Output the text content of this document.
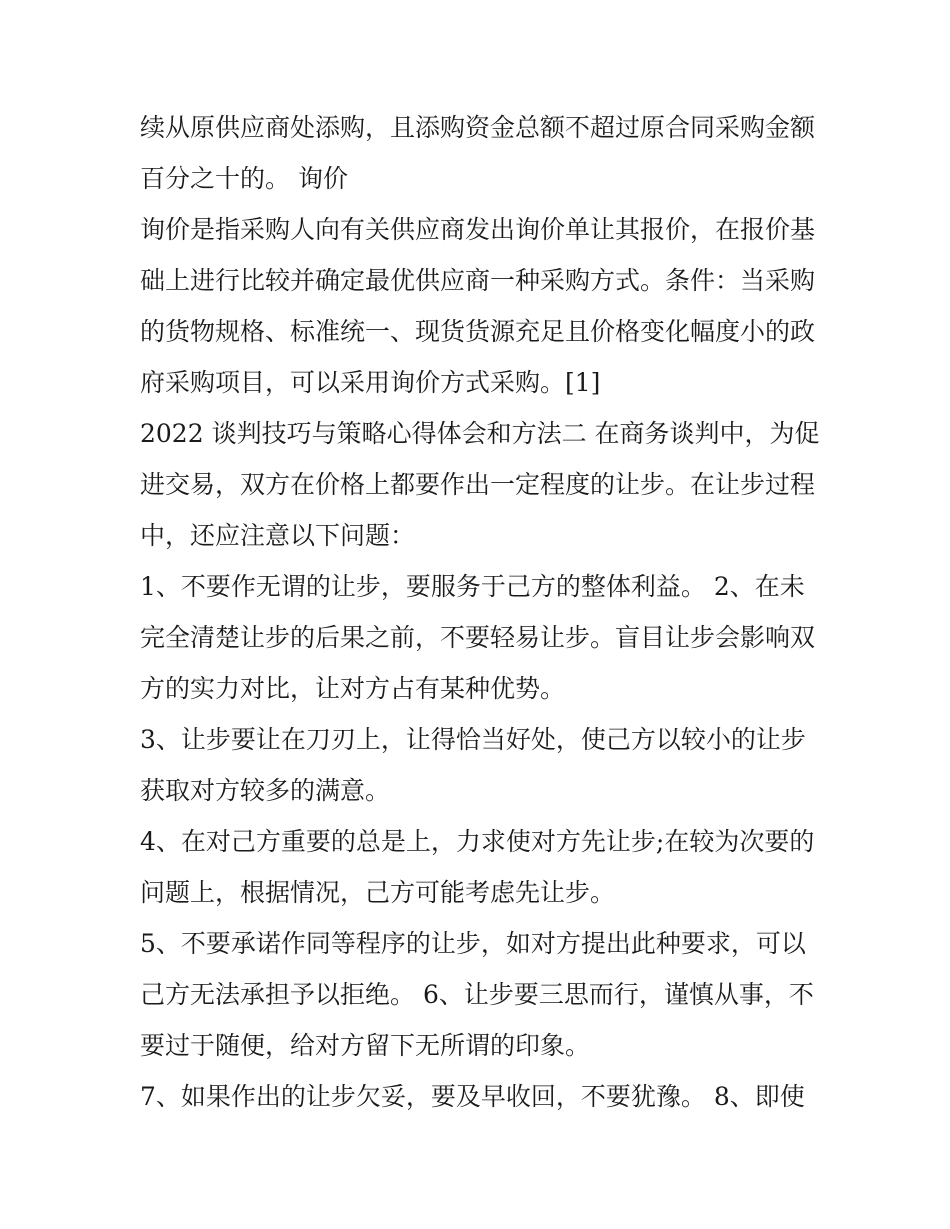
续从原供应商处添购，且添购资金总额不超过原合同采购金额
百分之十的。 询价

询价是指采购人向有关供应商发出询价单让其报价，在报价基
础上进行比较并确定最优供应商一种采购方式。条件：当采购
的货物规格、标准统一、现货货源充足且价格变化幅度小的政
府采购项目，可以采用询价方式采购。[1]

2022 谈判技巧与策略心得体会和方法二 在商务谈判中，为促
进交易，双方在价格上都要作出一定程度的让步。在让步过程
中，还应注意以下问题：

1、不要作无谓的让步，要服务于己方的整体利益。 2、在未
完全清楚让步的后果之前，不要轻易让步。盲目让步会影响双
方的实力对比，让对方占有某种优势。

3、让步要让在刀刃上，让得恰当好处，使己方以较小的让步
获取对方较多的满意。

4、在对己方重要的总是上，力求使对方先让步;在较为次要的
问题上，根据情况，己方可能考虑先让步。

5、不要承诺作同等程序的让步，如对方提出此种要求，可以
己方无法承担予以拒绝。 6、让步要三思而行，谨慎从事，不
要过于随便，给对方留下无所谓的印象。

7、如果作出的让步欠妥，要及早收回，不要犹豫。 8、即使
